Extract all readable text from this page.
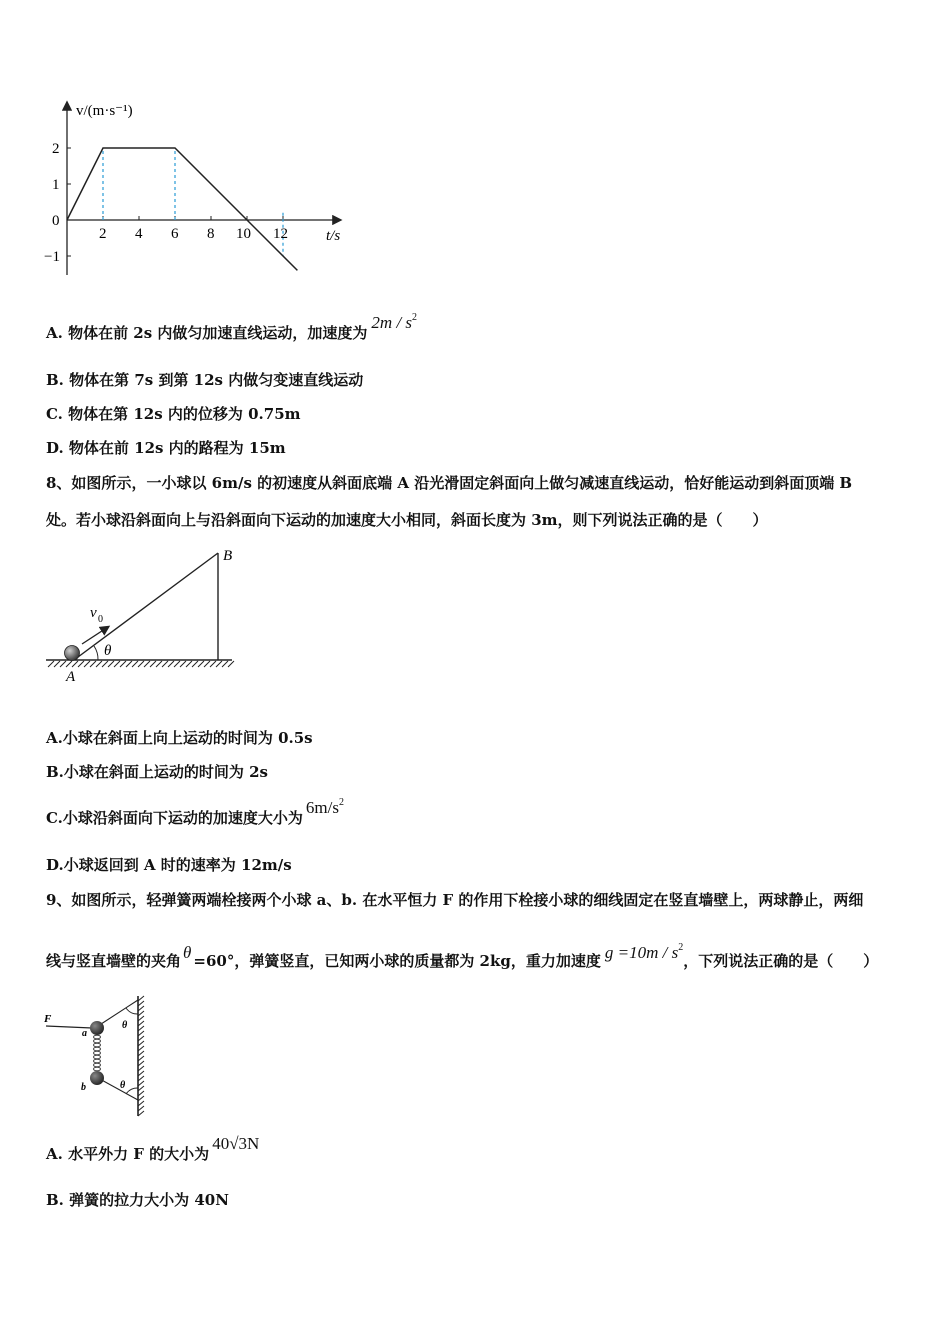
v/(m·s⁻¹)
t/s
2
1
0
−1
2 4 6 8 10 12
A. 物体在前 2s 内做匀加速直线运动，加速度为$2m / s^2$
B. 物体在第 7s 到第 12s 内做匀变速直线运动
C. 物体在第 12s 内的位移为 0.75m
D. 物体在前 12s 内的路程为 15m
8、如图所示，一小球以 6m/s 的初速度从斜面底端 A 沿光滑固定斜面向上做匀减速直线运动，恰好能运动到斜面顶端 B
处。若小球沿斜面向上与沿斜面向下运动的加速度大小相同，斜面长度为 3m，则下列说法正确的是（　　）
B
A
v 0
θ
A.小球在斜面上向上运动的时间为 0.5s
B.小球在斜面上运动的时间为 2s
C.小球沿斜面向下运动的加速度大小为$6m/s^2$
D.小球返回到 A 时的速率为 12m/s
9、如图所示，轻弹簧两端栓接两个小球 a、b. 在水平恒力 F 的作用下栓接小球的细线固定在竖直墙壁上，两球静止，两细
线与竖直墙壁的夹角 θ =60°，弹簧竖直，已知两小球的质量都为 2kg，重力加速度 $g =10m / s^2$，下列说法正确的是（　　）
F
a
b
θ
θ
A. 水平外力 F 的大小为40√3N
B. 弹簧的拉力大小为 40N
